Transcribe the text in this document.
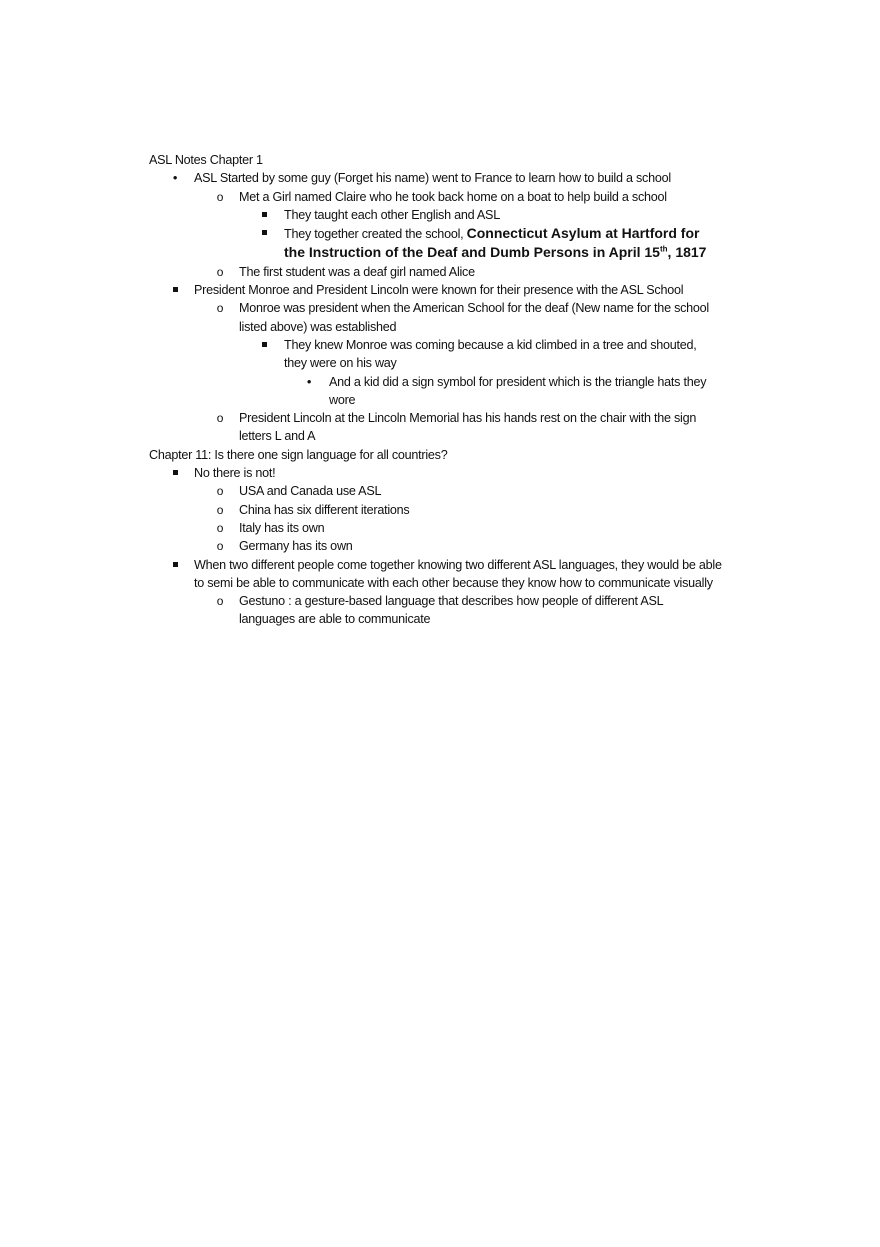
ASL Notes Chapter 1
•
ASL Started by some guy (Forget his name) went to France to learn how to build a school
o
Met a Girl named Claire who he took back home on a boat to help build a school
They taught each other English and ASL
They together created the school, Connecticut Asylum at Hartford for the Instruction of the Deaf and Dumb Persons in April 15th, 1817
o
The first student was a deaf girl named Alice
President Monroe and President Lincoln were known for their presence with the ASL School
o
Monroe was president when the American School for the deaf (New name for the school listed above) was established
They knew Monroe was coming because a kid climbed in a tree and shouted, they were on his way
•
And a kid did a sign symbol for president which is the triangle hats they wore
o
President Lincoln at the Lincoln Memorial has his hands rest on the chair with the sign letters L and A
Chapter 11: Is there one sign language for all countries?
No there is not!
o
USA and Canada use ASL
o
China has six different iterations
o
Italy has its own
o
Germany has its own
When two different people come together knowing two different ASL languages, they would be able to semi be able to communicate with each other because they know how to communicate visually
o
Gestuno : a gesture-based language that describes how people of different ASL languages are able to communicate
